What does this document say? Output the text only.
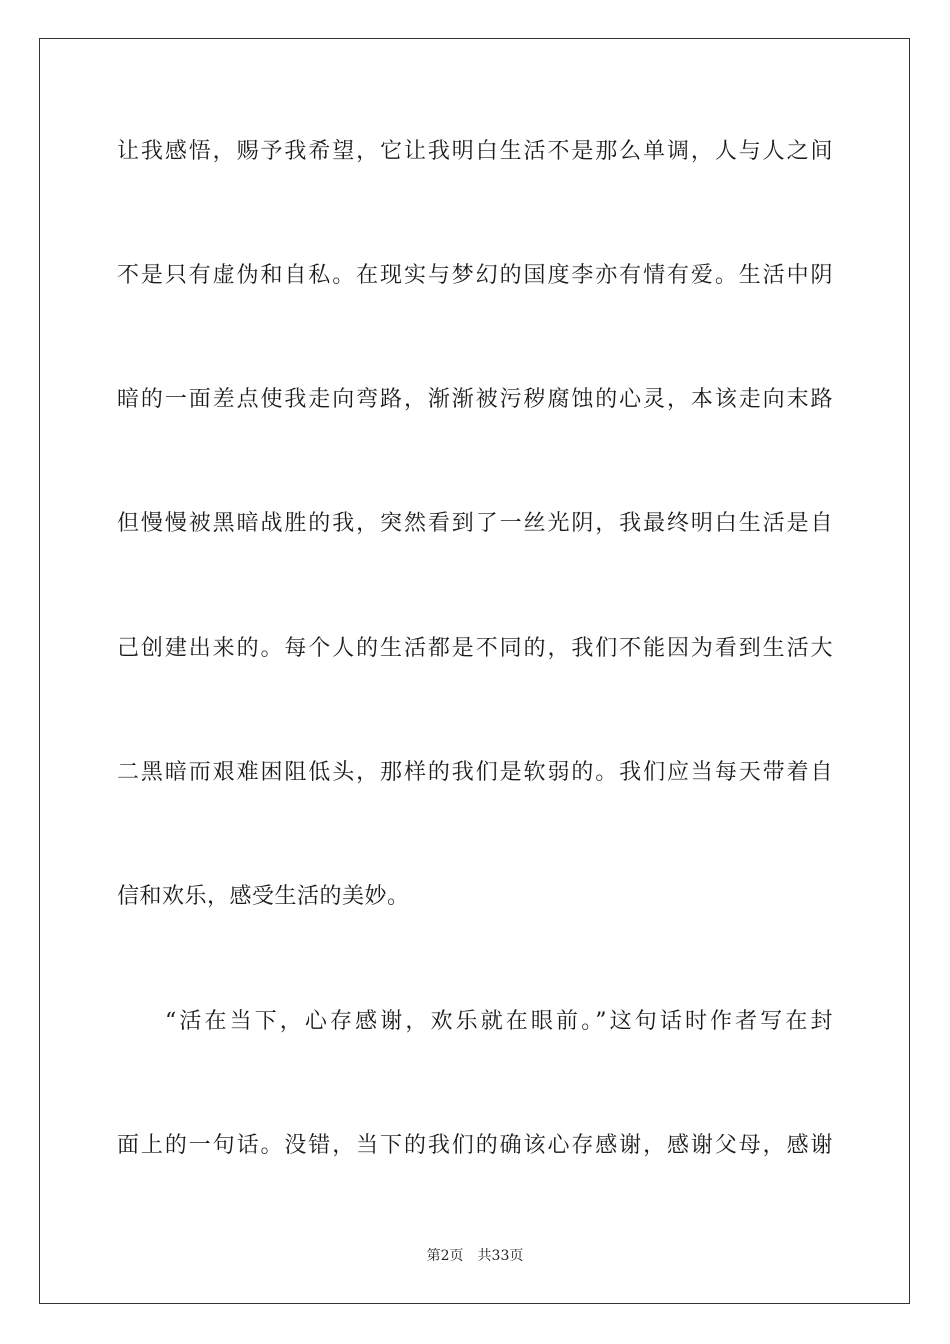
让我感悟，赐予我希望，它让我明白生活不是那么单调，人与人之间
不是只有虚伪和自私。在现实与梦幻的国度李亦有情有爱。生活中阴
暗的一面差点使我走向弯路，渐渐被污秽腐蚀的心灵，本该走向末路
但慢慢被黑暗战胜的我，突然看到了一丝光阴，我最终明白生活是自
己创建出来的。每个人的生活都是不同的，我们不能因为看到生活大
二黑暗而艰难困阻低头，那样的我们是软弱的。我们应当每天带着自
信和欢乐，感受生活的美妙。
“活在当下，心存感谢，欢乐就在眼前。”这句话时作者写在封
面上的一句话。没错，当下的我们的确该心存感谢，感谢父母，感谢
第2页 共33页
